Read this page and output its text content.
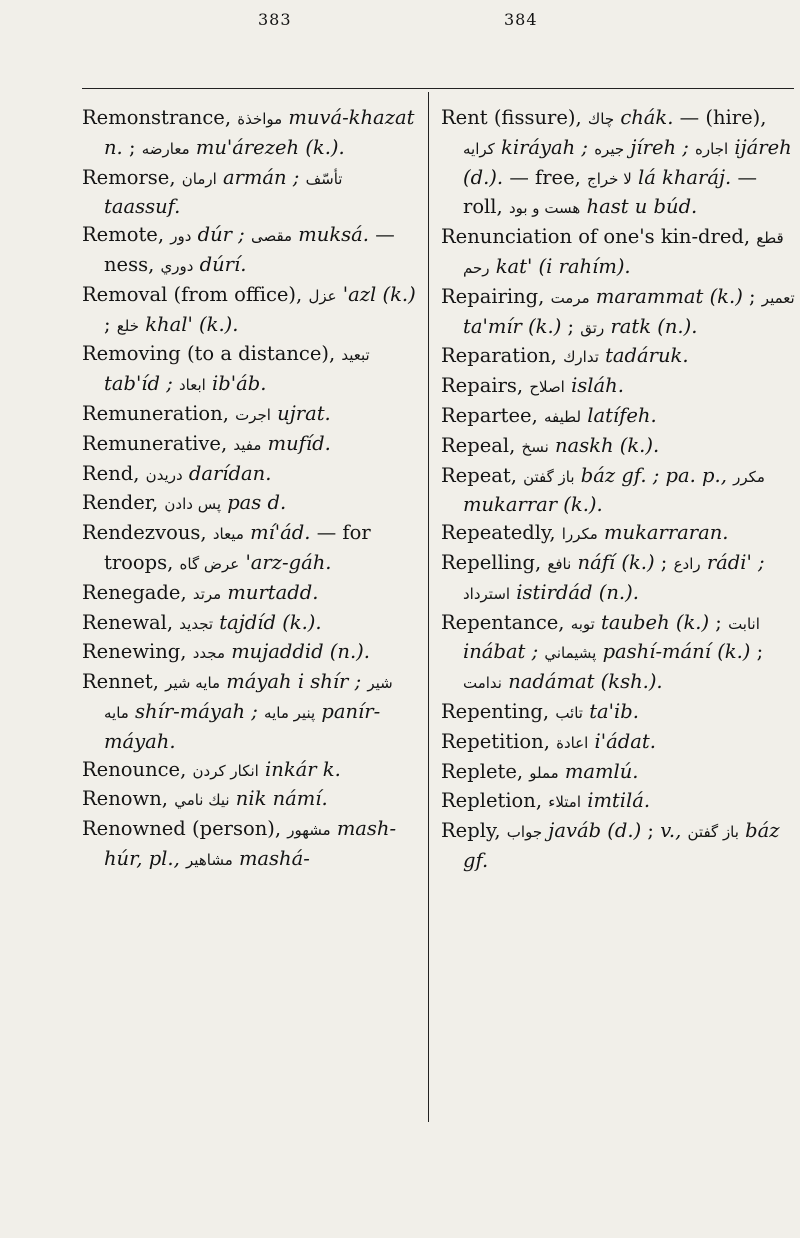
383	384

Remonstrance, مواخذة muvá-khazat n. ; معارضه mu'árezeh (k.).

Remorse, ارمان armán ; تأسّف taassuf.

Remote, دور dúr ; مقصى muksá. —ness, دوري dúrí.

Removal (from office), عزل 'azl (k.) ; خلع khal' (k.).

Removing (to a distance), تبعيد tab'íd ; ابعاد ib'áb.

Remuneration, اجرت ujrat.

Remunerative, مفيد mufíd.

Rend, دريدن darídan.

Render, پس دادن pas d.

Rendezvous, ميعاد mí'ád. — for troops, عرض گاه 'arz-gáh.

Renegade, مرتد murtadd.

Renewal, تجديد tajdíd (k.).

Renewing, مجدد mujaddid (n.).

Rennet, مايه شير máyah i shír ; شير مايه shír-máyah ; پنير مايه panír-máyah.

Renounce, انكار كردن inkár k.

Renown, نيك نامي nik námí.

Renowned (person), مشهور mash-húr, pl., مشاهير mashá-

Rent (fissure), چاك chák. — (hire), كرايه kiráyah ; جيره jíreh ; اجاره ijáreh (d.). — free, لا خراج lá kharáj. — roll, هست و بود hast u búd.

Renunciation of one's kin-dred, قطع رحم kat' (i rahím).

Repairing, مرمت marammat (k.) ; تعمير ta'mír (k.) ; رتق ratk (n.).

Reparation, تدارك tadáruk.

Repairs, اصلاح isláh.

Repartee, لطيفه latífeh.

Repeal, نسخ naskh (k.).

Repeat, باز گفتن báz gf. ; pa. p., مكرر mukarrar (k.).

Repeatedly, مكررا mukarraran.

Repelling, نافع náfí (k.) ; رادع rádi' ; استرداد istirdád (n.).

Repentance, توبه taubeh (k.) ; انابت inábat ; پشيماني pashí-mání (k.) ; ندامت nadámat (ksh.).

Repenting, تائب ta'ib.

Repetition, اعادة i'ádat.

Replete, مملو mamlú.

Repletion, امتلاء imtilá.

Reply, جواب javáb (d.) ; v., باز گفتن báz gf.
